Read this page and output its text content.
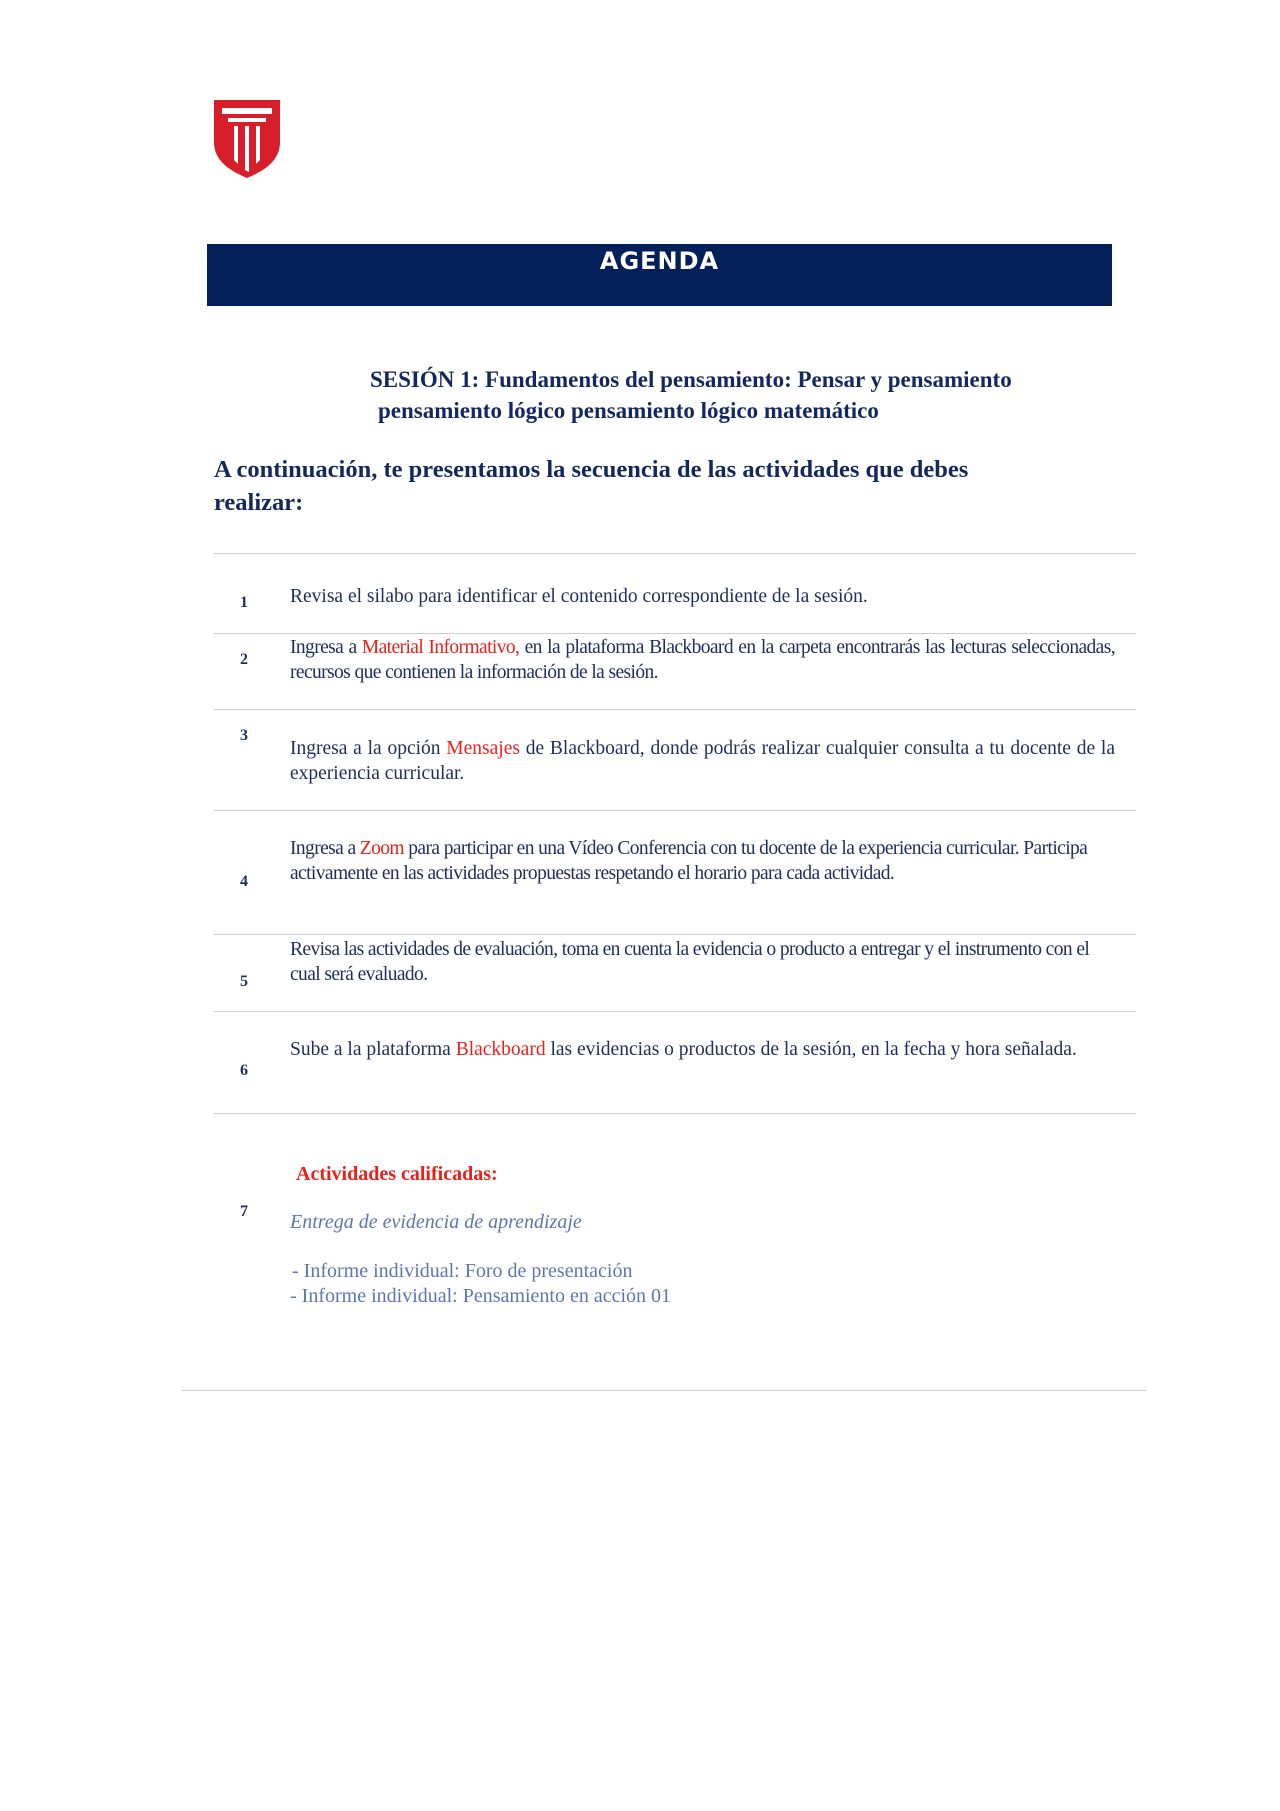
AGENDA
SESIÓN 1: Fundamentos del pensamiento: Pensar y pensamiento

pensamiento lógico pensamiento lógico matemático
A continuación, te presentamos la secuencia de las actividades que debes realizar:
1	Revisa el silabo para identificar el contenido correspondiente de la sesión.
2
Ingresa a Material Informativo, en la plataforma Blackboard en la carpeta encontrarás las lecturas seleccionadas, recursos que contienen la información de la sesión.
3
Ingresa a la opción Mensajes de Blackboard, donde podrás realizar cualquier consulta a tu docente de la experiencia curricular.
4
Ingresa a Zoom para participar en una Vídeo Conferencia con tu docente de la experiencia curricular. Participa activamente en las actividades propuestas respetando el horario para cada actividad.
5
Revisa las actividades de evaluación, toma en cuenta la evidencia o producto a entregar y el instrumento con el cual será evaluado.
6
Sube a la plataforma Blackboard las evidencias o productos de la sesión, en la fecha y hora señalada.
7
Actividades calificadas:
Entrega de evidencia de aprendizaje
- Informe individual: Foro de presentación
- Informe individual: Pensamiento en acción 01
